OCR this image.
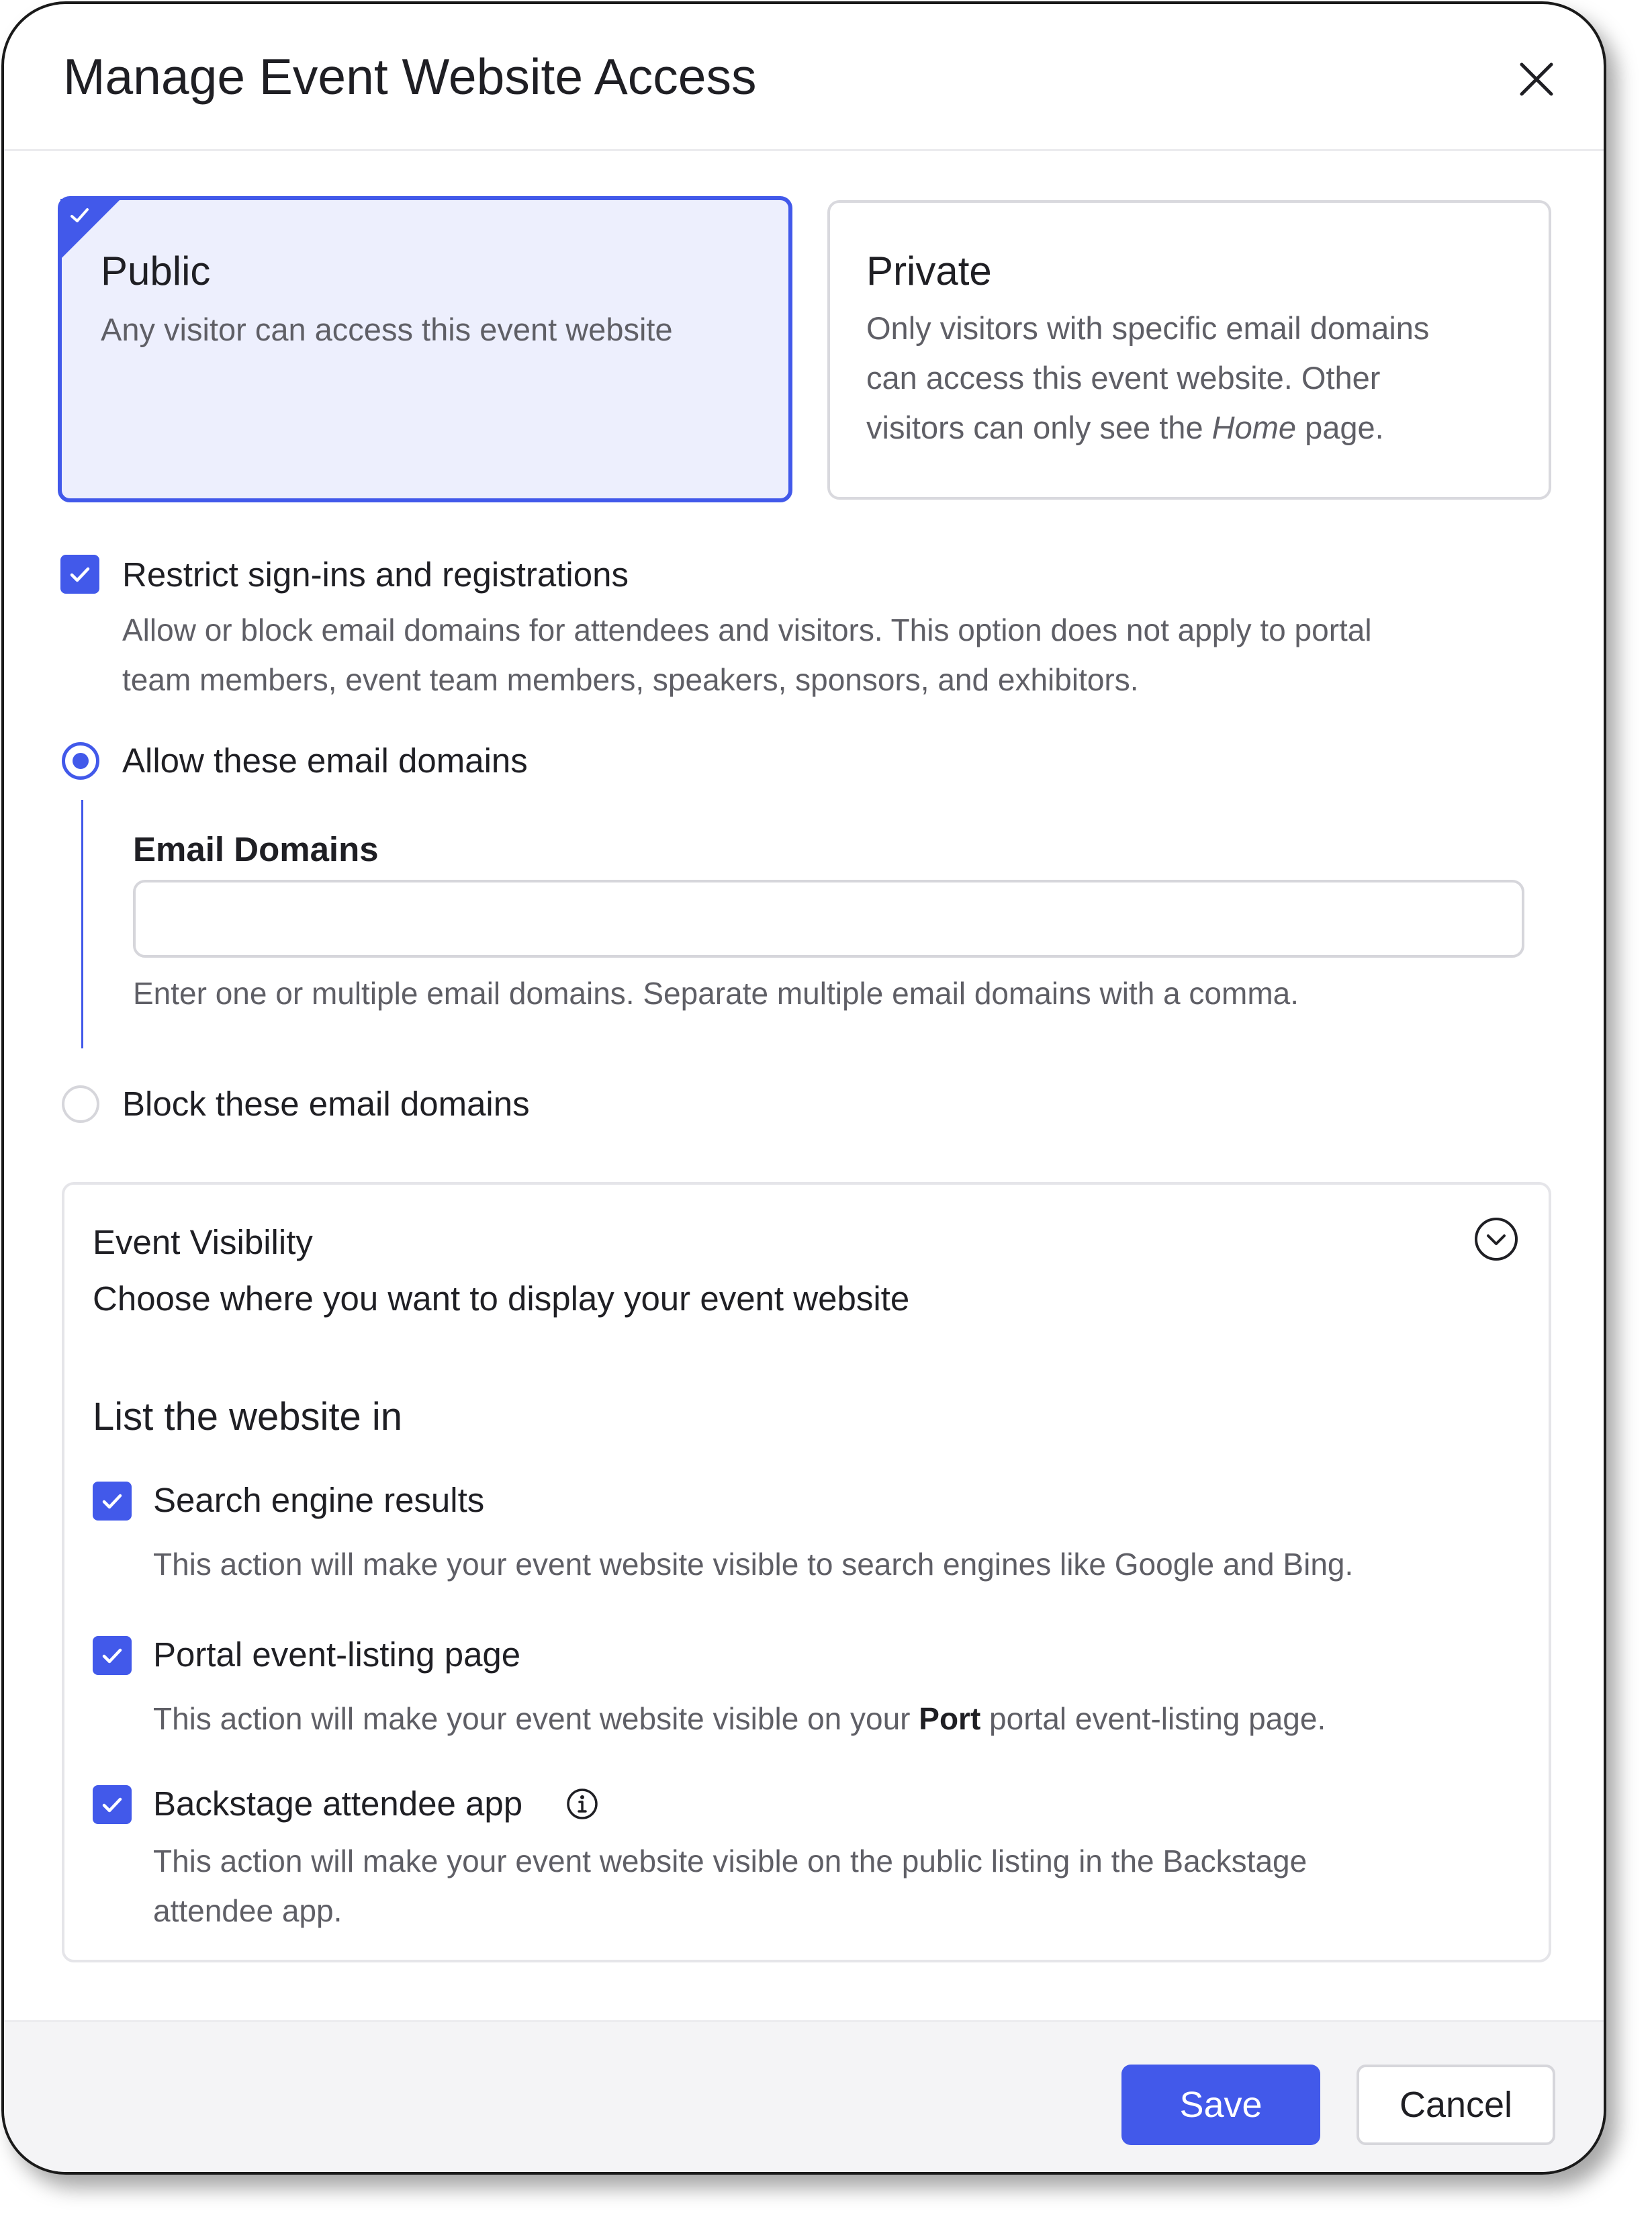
Manage Event Website Access
Public
Any visitor can access this event website
Private
Only visitors with specific email domains
can access this event website. Other
visitors can only see the Home page.
Restrict sign-ins and registrations
Allow or block email domains for attendees and visitors. This option does not apply to portal
team members, event team members, speakers, sponsors, and exhibitors.
Allow these email domains
Email Domains
Enter one or multiple email domains. Separate multiple email domains with a comma.
Block these email domains
Event Visibility
Choose where you want to display your event website
List the website in
Search engine results
This action will make your event website visible to search engines like Google and Bing.
Portal event-listing page
This action will make your event website visible on your Port portal event-listing page.
Backstage attendee app
This action will make your event website visible on the public listing in the Backstage
attendee app.
Save	Cancel
